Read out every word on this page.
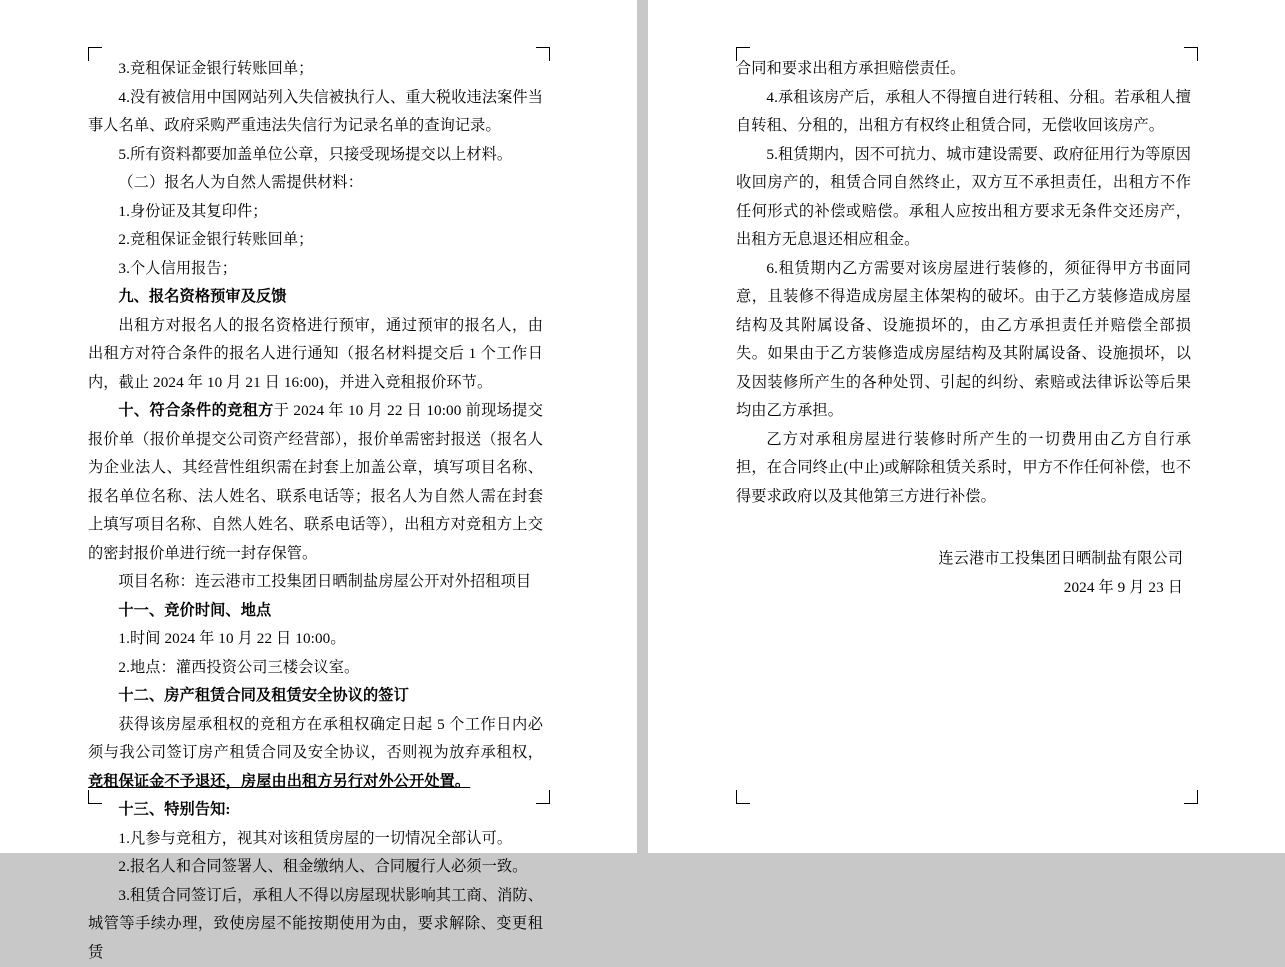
3.竞租保证金银行转账回单；

4.没有被信用中国网站列入失信被执行人、重大税收违法案件当事人名单、政府采购严重违法失信行为记录名单的查询记录。

5.所有资料都要加盖单位公章，只接受现场提交以上材料。

（二）报名人为自然人需提供材料：

1.身份证及其复印件；

2.竞租保证金银行转账回单；

3.个人信用报告；

九、报名资格预审及反馈

出租方对报名人的报名资格进行预审，通过预审的报名人，由出租方对符合条件的报名人进行通知（报名材料提交后 1 个工作日内，截止 2024 年 10 月 21 日 16:00)，并进入竞租报价环节。

十、符合条件的竞租方于 2024 年 10 月 22 日 10:00 前现场提交报价单（报价单提交公司资产经营部），报价单需密封报送（报名人为企业法人、其经营性组织需在封套上加盖公章，填写项目名称、报名单位名称、法人姓名、联系电话等；报名人为自然人需在封套上填写项目名称、自然人姓名、联系电话等），出租方对竞租方上交的密封报价单进行统一封存保管。

项目名称：连云港市工投集团日晒制盐房屋公开对外招租项目

十一、竞价时间、地点

1.时间 2024 年 10 月 22 日 10:00。

2.地点：灌西投资公司三楼会议室。

十二、房产租赁合同及租赁安全协议的签订

获得该房屋承租权的竞租方在承租权确定日起 5 个工作日内必须与我公司签订房产租赁合同及安全协议，否则视为放弃承租权，竞租保证金不予退还，房屋由出租方另行对外公开处置。

十三、特别告知:

1.凡参与竞租方，视其对该租赁房屋的一切情况全部认可。

2.报名人和合同签署人、租金缴纳人、合同履行人必须一致。

3.租赁合同签订后，承租人不得以房屋现状影响其工商、消防、城管等手续办理，致使房屋不能按期使用为由，要求解除、变更租赁

合同和要求出租方承担赔偿责任。

4.承租该房产后，承租人不得擅自进行转租、分租。若承租人擅自转租、分租的，出租方有权终止租赁合同，无偿收回该房产。

5.租赁期内，因不可抗力、城市建设需要、政府征用行为等原因收回房产的，租赁合同自然终止，双方互不承担责任，出租方不作任何形式的补偿或赔偿。承租人应按出租方要求无条件交还房产，出租方无息退还相应租金。

6.租赁期内乙方需要对该房屋进行装修的，须征得甲方书面同意，且装修不得造成房屋主体架构的破坏。由于乙方装修造成房屋结构及其附属设备、设施损坏的，由乙方承担责任并赔偿全部损失。如果由于乙方装修造成房屋结构及其附属设备、设施损坏，以及因装修所产生的各种处罚、引起的纠纷、索赔或法律诉讼等后果均由乙方承担。

乙方对承租房屋进行装修时所产生的一切费用由乙方自行承担，在合同终止(中止)或解除租赁关系时，甲方不作任何补偿，也不得要求政府以及其他第三方进行补偿。

连云港市工投集团日晒制盐有限公司

2024 年 9 月 23 日
